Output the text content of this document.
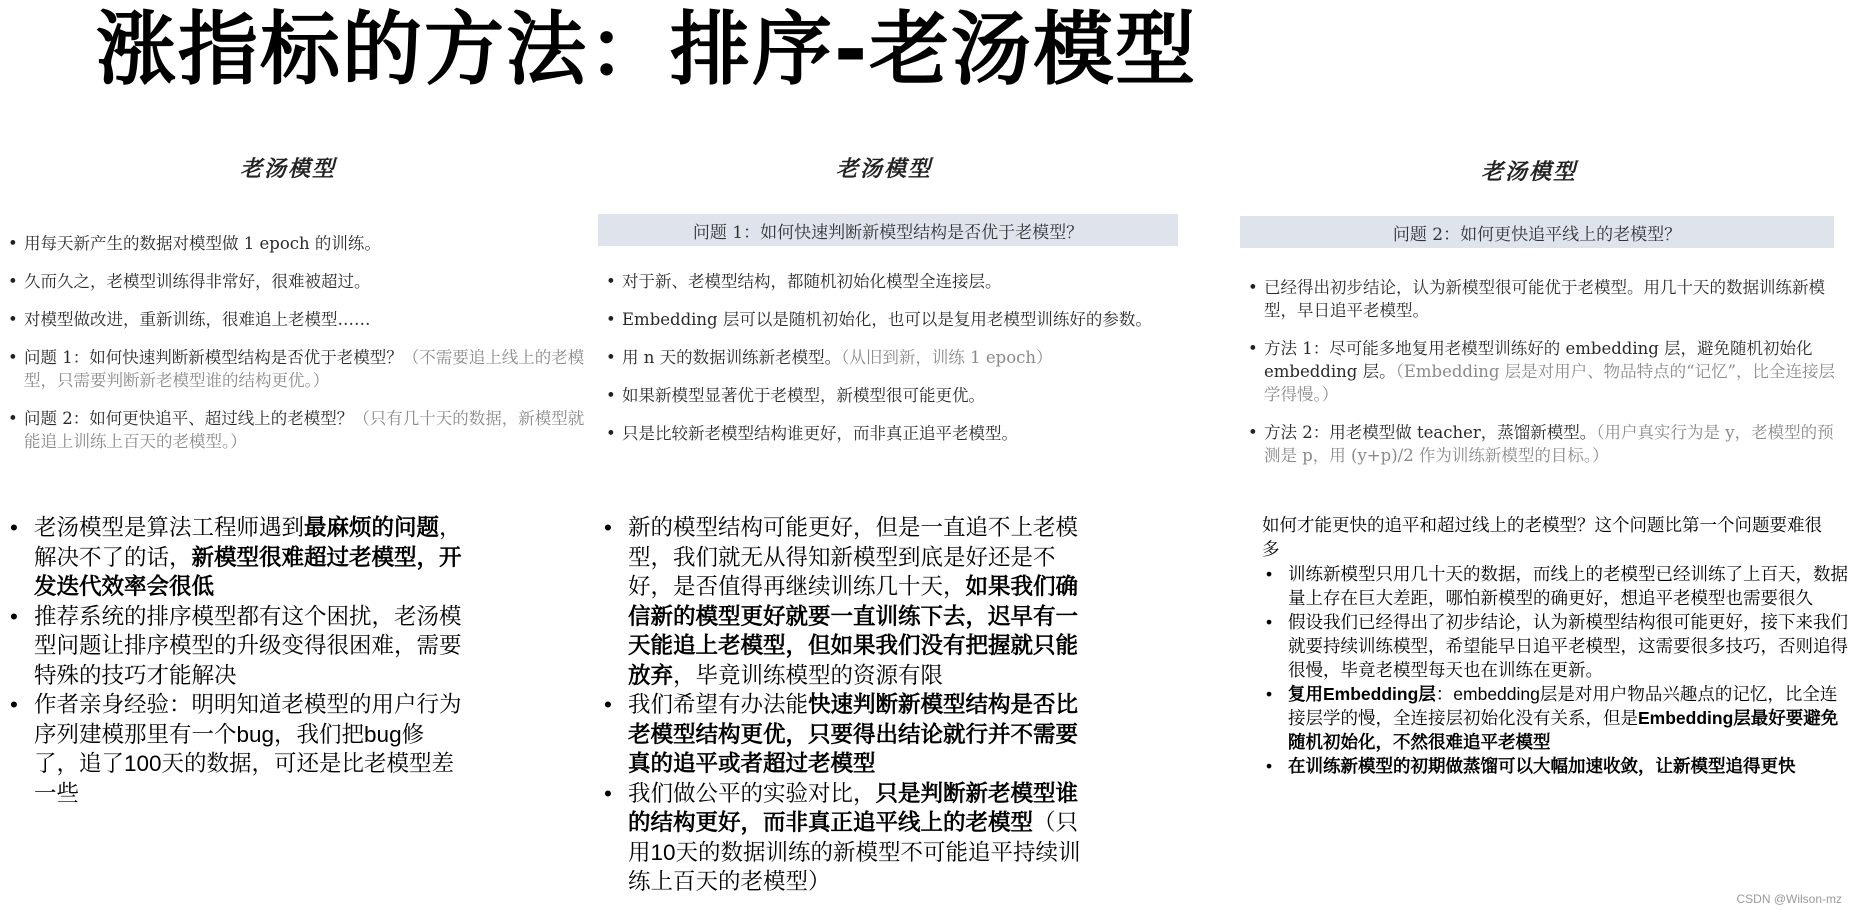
涨指标的方法：排序-老汤模型
老汤模型
• 用每天新产生的数据对模型做 1 epoch 的训练。
• 久而久之，老模型训练得非常好，很难被超过。
• 对模型做改进，重新训练，很难追上老模型……
• 问题 1：如何快速判断新模型结构是否优于老模型？（不需要追上线上的老模型，只需要判断新老模型谁的结构更优。）
• 问题 2：如何更快追平、超过线上的老模型？（只有几十天的数据，新模型就能追上训练上百天的老模型。）
• 老汤模型是算法工程师遇到最麻烦的问题，解决不了的话，新模型很难超过老模型，开发迭代效率会很低
• 推荐系统的排序模型都有这个困扰，老汤模型问题让排序模型的升级变得很困难，需要特殊的技巧才能解决
• 作者亲身经验：明明知道老模型的用户行为序列建模那里有一个bug，我们把bug修了，追了100天的数据，可还是比老模型差一些
老汤模型
问题 1：如何快速判断新模型结构是否优于老模型？
• 对于新、老模型结构，都随机初始化模型全连接层。
• Embedding 层可以是随机初始化，也可以是复用老模型训练好的参数。
• 用 n 天的数据训练新老模型。（从旧到新，训练 1 epoch）
• 如果新模型显著优于老模型，新模型很可能更优。
• 只是比较新老模型结构谁更好，而非真正追平老模型。
• 新的模型结构可能更好，但是一直追不上老模型，我们就无从得知新模型到底是好还是不好，是否值得再继续训练几十天，如果我们确信新的模型更好就要一直训练下去，迟早有一天能追上老模型，但如果我们没有把握就只能放弃，毕竟训练模型的资源有限
• 我们希望有办法能快速判断新模型结构是否比老模型结构更优，只要得出结论就行并不需要真的追平或者超过老模型
• 我们做公平的实验对比，只是判断新老模型谁的结构更好，而非真正追平线上的老模型（只用10天的数据训练的新模型不可能追平持续训练上百天的老模型）
老汤模型
问题 2：如何更快追平线上的老模型？
• 已经得出初步结论，认为新模型很可能优于老模型。用几十天的数据训练新模型，早日追平老模型。
• 方法 1：尽可能多地复用老模型训练好的 embedding 层，避免随机初始化 embedding 层。（Embedding 层是对用户、物品特点的“记忆”，比全连接层学得慢。）
• 方法 2：用老模型做 teacher，蒸馏新模型。（用户真实行为是 y，老模型的预测是 p，用 (y+p)/2 作为训练新模型的目标。）
如何才能更快的追平和超过线上的老模型？这个问题比第一个问题要难很多
• 训练新模型只用几十天的数据，而线上的老模型已经训练了上百天，数据量上存在巨大差距，哪怕新模型的确更好，想追平老模型也需要很久
• 假设我们已经得出了初步结论，认为新模型结构很可能更好，接下来我们就要持续训练模型，希望能早日追平老模型，这需要很多技巧，否则追得很慢，毕竟老模型每天也在训练在更新。
• 复用Embedding层：embedding层是对用户物品兴趣点的记忆，比全连接层学的慢，全连接层初始化没有关系，但是Embedding层最好要避免随机初始化，不然很难追平老模型
• 在训练新模型的初期做蒸馏可以大幅加速收敛，让新模型追得更快
CSDN @Wilson-mz
